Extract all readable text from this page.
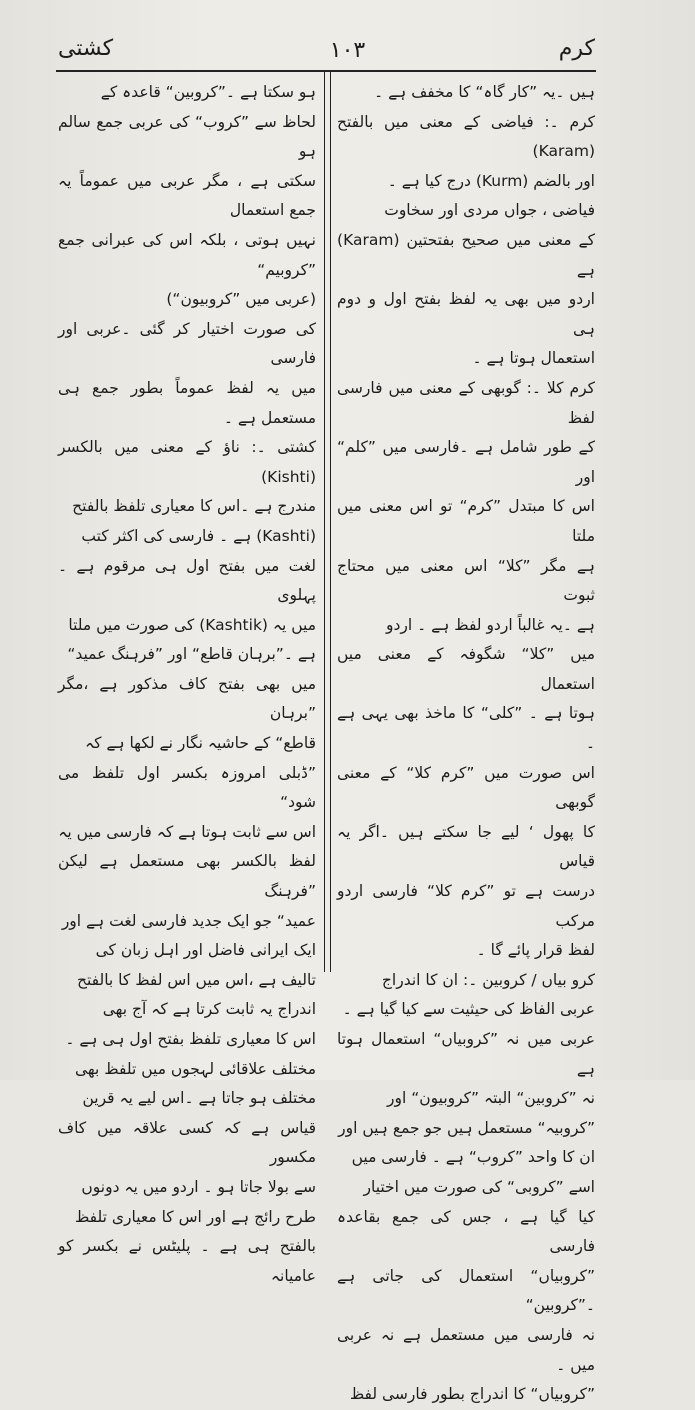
کرم
۱۰۳
کشتی

ہیں ۔یہ ”کار گاہ“ کا مخفف ہے ۔

کرم ۔: فیاضی کے معنی میں بالفتح (Karam)

اور بالضم (Kurm) درج کیا ہے ۔

فیاضی ، جواں مردی اور سخاوت

کے معنی میں صحیح بفتحتین (Karam) ہے

اردو میں بھی یہ لفظ بفتح اول و دوم ہی

استعمال ہوتا ہے ۔

کرم کلا ۔: گوبھی کے معنی میں فارسی لفظ

کے طور شامل ہے ۔فارسی میں ”کلم“ اور

اس کا مبتدل ”کرم“ تو اس معنی میں ملتا

ہے مگر ”کلا“ اس معنی میں محتاج ثبوت

ہے ۔یہ غالباً اردو لفظ ہے ۔ اردو

میں ”کلا“ شگوفہ کے معنی میں استعمال

ہوتا ہے ۔ ”کلی“ کا ماخذ بھی یہی ہے ۔

اس صورت میں ”کرم کلا“ کے معنی گوبھی

کا پھول ‘ لیے جا سکتے ہیں ۔اگر یہ قیاس

درست ہے تو ”کرم کلا“ فارسی اردو مرکب

لفظ قرار پائے گا ۔

کرو بیاں / کروبین ۔: ان کا اندراج

عربی الفاظ کی حیثیت سے کیا گیا ہے ۔

عربی میں نہ ”کروبیاں“ استعمال ہوتا ہے

نہ ”کروبین“ البتہ ”کروبیون“ اور

”کروبیہ“ مستعمل ہیں جو جمع ہیں اور

ان کا واحد ”کروب“ ہے ۔ فارسی میں

اسے ”کروبی“ کی صورت میں اختیار

کیا گیا ہے ، جس کی جمع بقاعدہ فارسی

”کروبیاں“ استعمال کی جاتی ہے ۔”کروبین“

نہ فارسی میں مستعمل ہے نہ عربی میں ۔

”کروبیاں“ کا اندراج بطور فارسی لفظ

ہو سکتا ہے ۔”کروبین“ قاعدہ کے

لحاظ سے ”کروب“ کی عربی جمع سالم ہو

سکتی ہے ، مگر عربی میں عموماً یہ جمع استعمال

نہیں ہوتی ، بلکہ اس کی عبرانی جمع ”کروبیم“

(عربی میں ”کروبیون“)

کی صورت اختیار کر گئی ۔عربی اور فارسی

میں یہ لفظ عموماً بطور جمع ہی مستعمل ہے ۔

کشتی ۔: ناؤ کے معنی میں بالکسر (Kishti)

مندرج ہے ۔اس کا معیاری تلفظ بالفتح

(Kashti) ہے ۔ فارسی کی اکثر کتب

لغت میں بفتح اول ہی مرقوم ہے ۔پہلوی

میں یہ (Kashtik) کی صورت میں ملتا

ہے ۔”برہان قاطع“ اور ”فرہنگ عمید“

میں بھی بفتح کاف مذکور ہے ،مگر ”برہان

قاطع“ کے حاشیہ نگار نے لکھا ہے کہ

”ڈبلی امروزہ بکسر اول تلفظ می شود“

اس سے ثابت ہوتا ہے کہ فارسی میں یہ

لفظ بالکسر بھی مستعمل ہے لیکن ”فرہنگ

عمید“ جو ایک جدید فارسی لغت ہے اور

ایک ایرانی فاضل اور اہل زبان کی

تالیف ہے ،اس میں اس لفظ کا بالفتح

اندراج یہ ثابت کرتا ہے کہ آج بھی

اس کا معیاری تلفظ بفتح اول ہی ہے ۔

مختلف علاقائی لہجوں میں تلفظ بھی

مختلف ہو جاتا ہے ۔اس لیے یہ قرین

قیاس ہے کہ کسی علاقہ میں کاف مکسور

سے بولا جاتا ہو ۔ اردو میں یہ دونوں

طرح رائج ہے اور اس کا معیاری تلفظ

بالفتح ہی ہے ۔ پلیٹس نے بکسر کو عامیانہ
